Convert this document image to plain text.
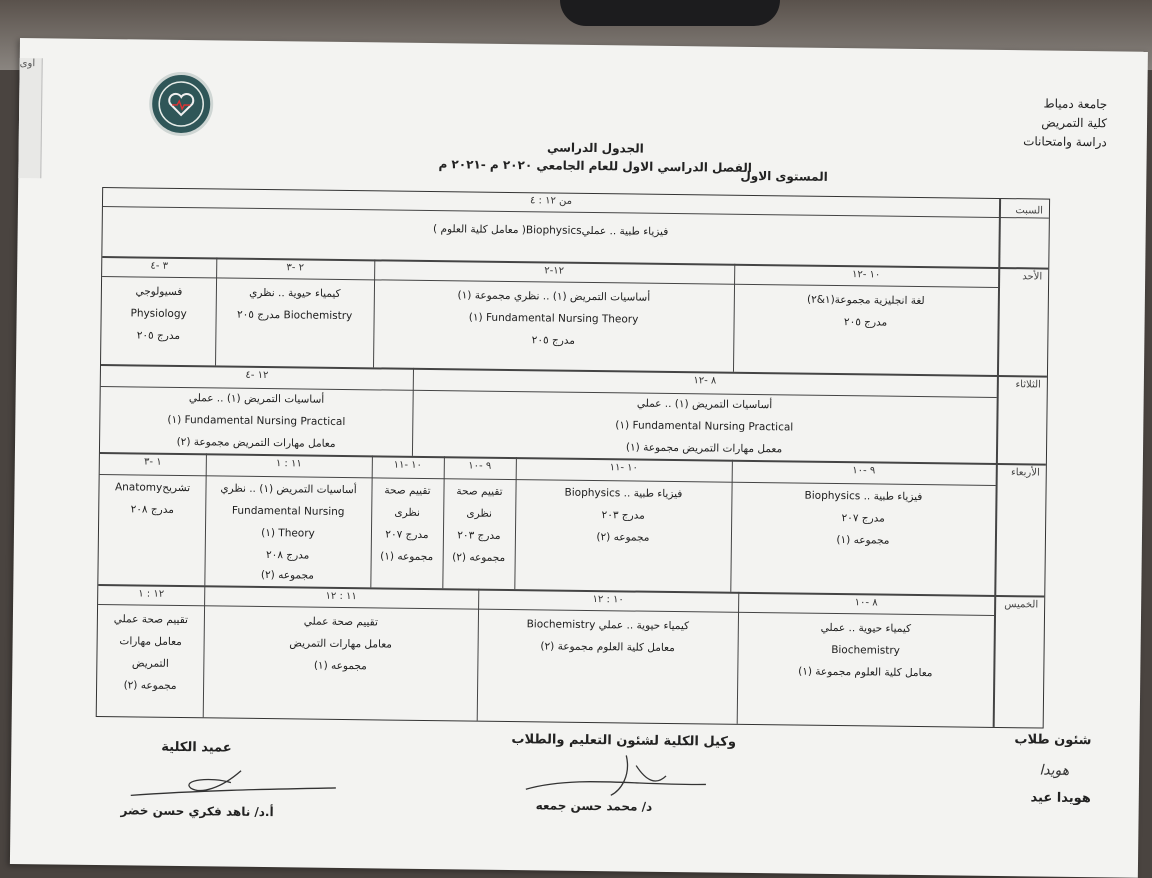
اوى
جامعة دمياط
كلية التمريض
دراسة وامتحانات
الجدول الدراسي
الفصل الدراسي الاول للعام الجامعي ٢٠٢٠ م -٢٠٢١ م
المستوى الاول
السبت
الأحد
الثلاثاء
الأربعاء
الخميس
من ١٢ : ٤
فيزياء طبية .. عمليBiophysics( معامل كلية العلوم )
١٠ -١٢
لغة انجليزية مجموعة(١&٢)
مدرج ٢٠٥
١٢-٢
أساسيات التمريض (١) .. نظري مجموعة (١)
Fundamental Nursing Theory (١)
مدرج ٢٠٥
٢ -٣
كيمياء حيوية .. نظري
Biochemistry مدرج ٢٠٥
٣ -٤
فسيولوجي
Physiology
مدرج ٢٠٥
٨ -١٢
أساسيات التمريض (١) .. عملي
Fundamental Nursing Practical (١)
معمل مهارات التمريض مجموعة (١)
١٢ -٤
أساسيات التمريض (١) .. عملي
Fundamental Nursing Practical (١)
معامل مهارات التمريض مجموعة (٢)
٩ -١٠
فيزياء طبية .. Biophysics
مدرج ٢٠٧
مجموعه (١)
١٠ -١١
فيزياء طبية .. Biophysics
مدرج ٢٠٣
مجموعه (٢)
٩ -١٠
تقييم صحة
نظرى
مدرج ٢٠٣
مجموعه (٢)
١٠ -١١
تقييم صحة
نظرى
مدرج ٢٠٧
مجموعه (١)
١١ : ١
أساسيات التمريض (١) .. نظري
Fundamental Nursing
Theory (١)
مدرج ٢٠٨
مجموعه (٢)
١ -٣
تشريحAnatomy
مدرج ٢٠٨
٨ -١٠
كيمياء حيوية .. عملي
Biochemistry
معامل كلية العلوم مجموعة (١)
١٠ : ١٢
كيمياء حيوية .. عملي Biochemistry
معامل كلية العلوم مجموعة (٢)
١١ : ١٢
تقييم صحة عملي
معامل مهارات التمريض
مجموعه (١)
١٢ : ١
تقييم صحة عملي
معامل مهارات
التمريض
مجموعه (٢)
شئون طلاب
هويدا
هويدا عيد
وكيل الكلية لشئون التعليم والطلاب
د/ محمد حسن جمعه
عميد الكلية
أ.د/ ناهد فكري حسن خضر
